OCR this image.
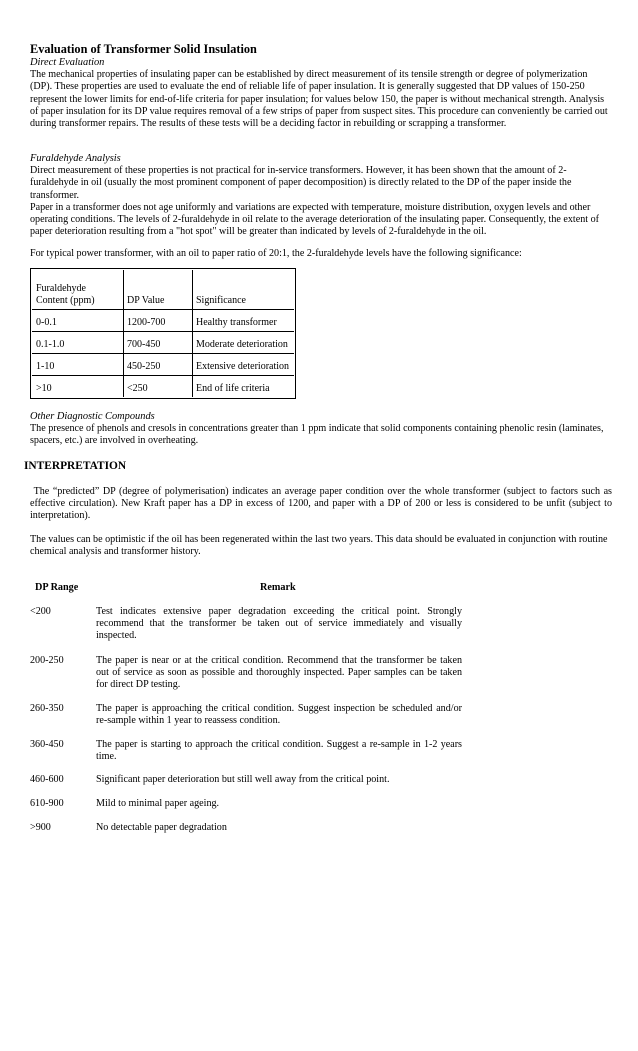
Evaluation of Transformer Solid Insulation

Direct Evaluation

The mechanical properties of insulating paper can be established by direct measurement of its tensile strength or degree of polymerization (DP). These properties are used to evaluate the end of reliable life of paper insulation. It is generally suggested that DP values of 150-250 represent the lower limits for end-of-life criteria for paper insulation; for values below 150, the paper is without mechanical strength. Analysis of paper insulation for its DP value requires removal of a few strips of paper from suspect sites. This procedure can conveniently be carried out during transformer repairs. The results of these tests will be a deciding factor in rebuilding or scrapping a transformer.

Furaldehyde Analysis

Direct measurement of these properties is not practical for in-service transformers. However, it has been shown that the amount of 2-furaldehyde in oil (usually the most prominent component of paper decomposition) is directly related to the DP of the paper inside the transformer.

Paper in a transformer does not age uniformly and variations are expected with temperature, moisture distribution, oxygen levels and other operating conditions. The levels of 2-furaldehyde in oil relate to the average deterioration of the insulating paper. Consequently, the extent of paper deterioration resulting from a "hot spot" will be greater than indicated by levels of 2-furaldehyde in the oil.

For typical power transformer, with an oil to paper ratio of 20:1, the 2-furaldehyde levels have the following significance:

Furaldehyde
Content (ppm)	DP Value	Significance
0-0.1	1200-700	Healthy transformer
0.1-1.0	700-450	Moderate deterioration
1-10	450-250	Extensive deterioration
>10	<250	End of life criteria

Other Diagnostic Compounds

The presence of phenols and cresols in concentrations greater than 1 ppm indicate that solid components containing phenolic resin (laminates, spacers, etc.) are involved in overheating.

INTERPRETATION

The “predicted” DP (degree of polymerisation) indicates an average paper condition over the whole transformer (subject to factors such as effective circulation). New Kraft paper has a DP in excess of 1200, and paper with a DP of 200 or less is considered to be unfit (subject to interpretation).

The values can be optimistic if the oil has been regenerated within the last two years. This data should be evaluated in conjunction with routine chemical analysis and transformer history.

DP Range	Remark
<200	Test indicates extensive paper degradation exceeding the critical point. Strongly recommend that the transformer be taken out of service immediately and visually inspected.
200-250	The paper is near or at the critical condition. Recommend that the transformer be taken out of service as soon as possible and thoroughly inspected. Paper samples can be taken for direct DP testing.
260-350	The paper is approaching the critical condition. Suggest inspection be scheduled and/or re-sample within 1 year to reassess condition.
360-450	The paper is starting to approach the critical condition. Suggest a re-sample in 1-2 years time.
460-600	Significant paper deterioration but still well away from the critical point.
610-900	Mild to minimal paper ageing.
>900	No detectable paper degradation
